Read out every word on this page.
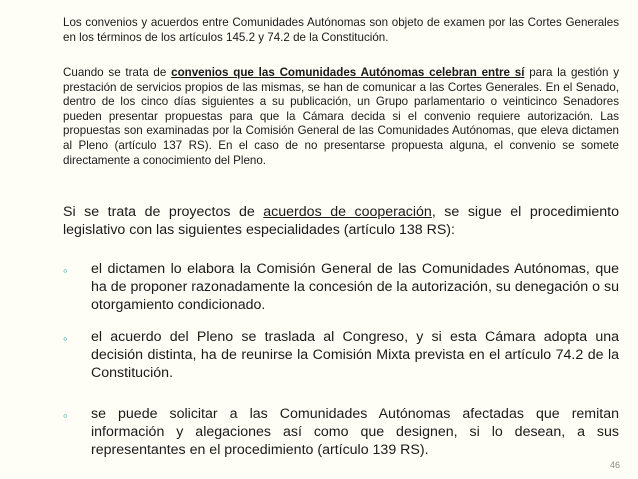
Los convenios y acuerdos entre Comunidades Autónomas son objeto de examen por las Cortes Generales en los términos de los artículos 145.2 y 74.2 de la Constitución.
Cuando se trata de convenios que las Comunidades Autónomas celebran entre sí para la gestión y prestación de servicios propios de las mismas, se han de comunicar a las Cortes Generales. En el Senado, dentro de los cinco días siguientes a su publicación, un Grupo parlamentario o veinticinco Senadores pueden presentar propuestas para que la Cámara decida si el convenio requiere autorización. Las propuestas son examinadas por la Comisión General de las Comunidades Autónomas, que eleva dictamen al Pleno (artículo 137 RS). En el caso de no presentarse propuesta alguna, el convenio se somete directamente a conocimiento del Pleno.
Si se trata de proyectos de acuerdos de cooperación, se sigue el procedimiento legislativo con las siguientes especialidades (artículo 138 RS):
◦ el dictamen lo elabora la Comisión General de las Comunidades Autónomas, que ha de proponer razonadamente la concesión de la autorización, su denegación o su otorgamiento condicionado.
◦ el acuerdo del Pleno se traslada al Congreso, y si esta Cámara adopta una decisión distinta, ha de reunirse la Comisión Mixta prevista en el artículo 74.2 de la Constitución.
◦ se puede solicitar a las Comunidades Autónomas afectadas que remitan información y alegaciones así como que designen, si lo desean, a sus representantes en el procedimiento (artículo 139 RS).
46
